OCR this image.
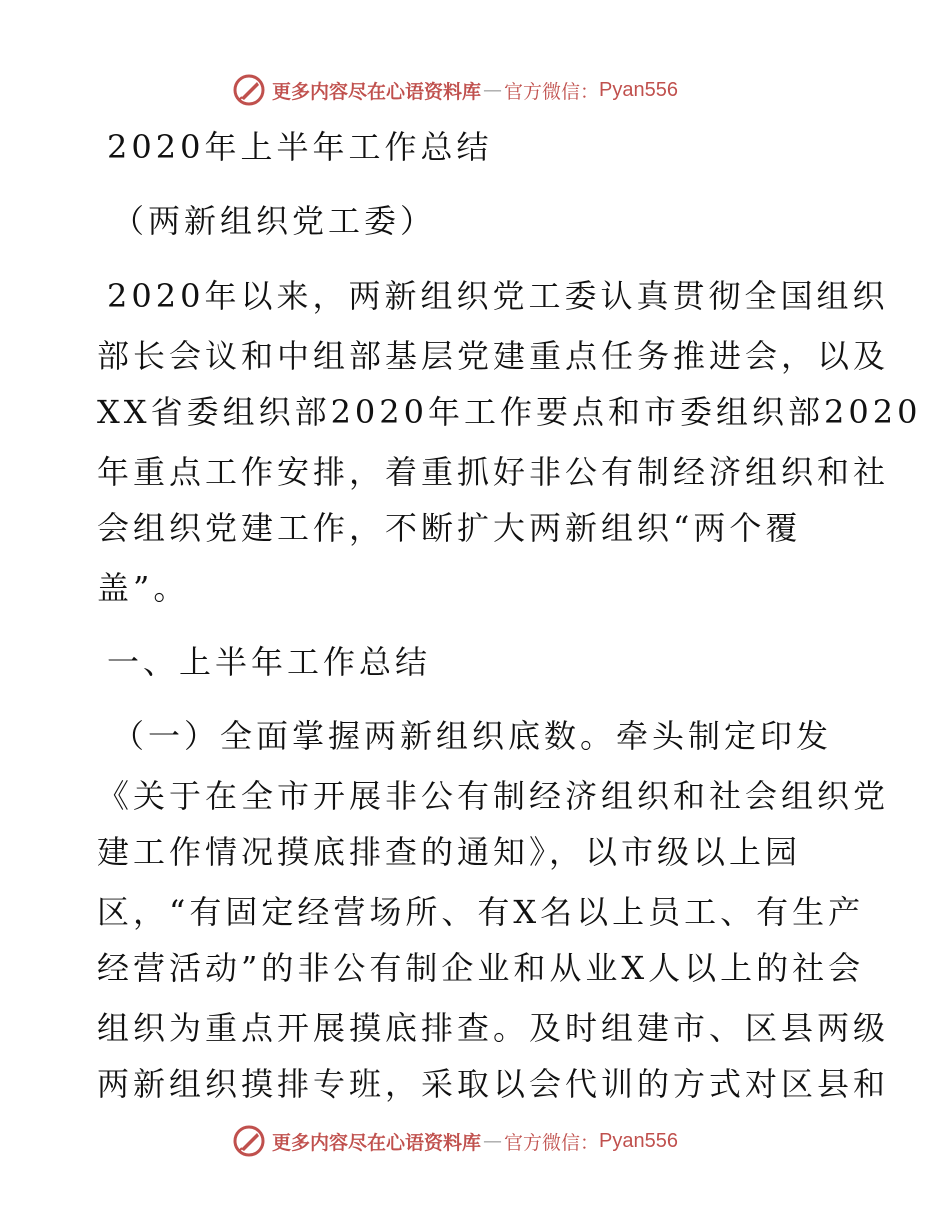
更多内容尽在心语资料库 — 官方微信： Pyan556
2020年上半年工作总结
（两新组织党工委）
2020年以来，两新组织党工委认真贯彻全国组织
部长会议和中组部基层党建重点任务推进会，以及
XX省委组织部2020年工作要点和市委组织部2020
年重点工作安排，着重抓好非公有制经济组织和社
会组织党建工作，不断扩大两新组织“两个覆
盖”。
一、上半年工作总结
（一）全面掌握两新组织底数。牵头制定印发
《关于在全市开展非公有制经济组织和社会组织党
建工作情况摸底排查的通知》，以市级以上园
区，“有固定经营场所、有X名以上员工、有生产
经营活动”的非公有制企业和从业X人以上的社会
组织为重点开展摸底排查。及时组建市、区县两级
两新组织摸排专班，采取以会代训的方式对区县和
更多内容尽在心语资料库 — 官方微信： Pyan556
